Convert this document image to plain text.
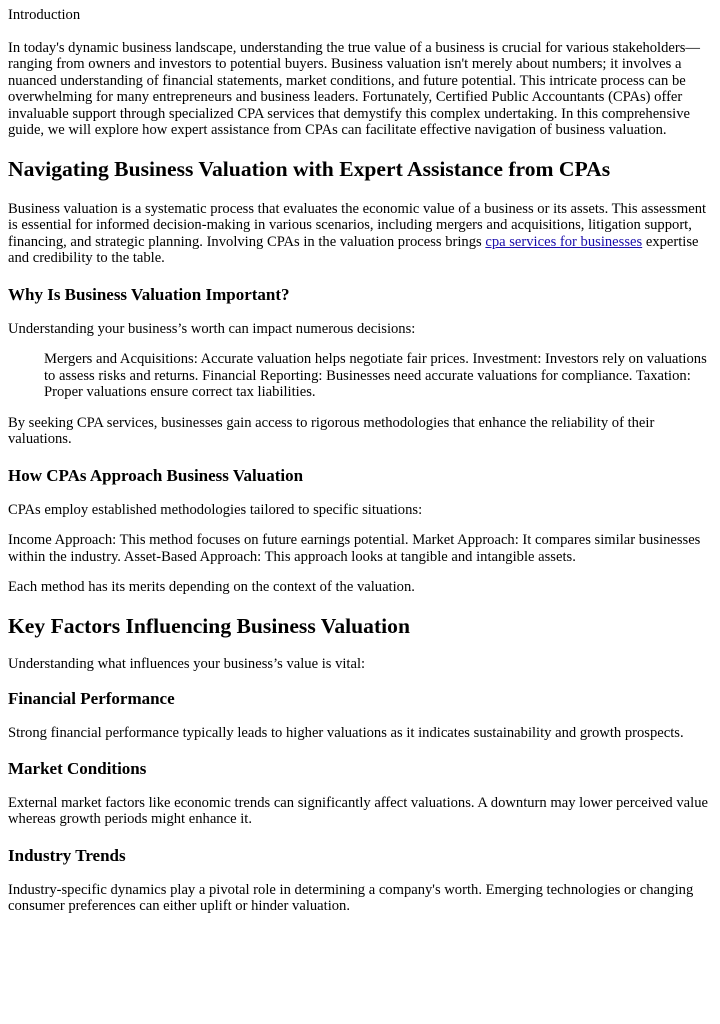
Introduction

In today's dynamic business landscape, understanding the true value of a business is crucial for various stakeholders—ranging from owners and investors to potential buyers. Business valuation isn't merely about numbers; it involves a nuanced understanding of financial statements, market conditions, and future potential. This intricate process can be overwhelming for many entrepreneurs and business leaders. Fortunately, Certified Public Accountants (CPAs) offer invaluable support through specialized CPA services that demystify this complex undertaking. In this comprehensive guide, we will explore how expert assistance from CPAs can facilitate effective navigation of business valuation.

Navigating Business Valuation with Expert Assistance from CPAs

Business valuation is a systematic process that evaluates the economic value of a business or its assets. This assessment is essential for informed decision-making in various scenarios, including mergers and acquisitions, litigation support, financing, and strategic planning. Involving CPAs in the valuation process brings cpa services for businesses expertise and credibility to the table.

Why Is Business Valuation Important?

Understanding your business’s worth can impact numerous decisions:

Mergers and Acquisitions: Accurate valuation helps negotiate fair prices. Investment: Investors rely on valuations to assess risks and returns. Financial Reporting: Businesses need accurate valuations for compliance. Taxation: Proper valuations ensure correct tax liabilities.

By seeking CPA services, businesses gain access to rigorous methodologies that enhance the reliability of their valuations.

How CPAs Approach Business Valuation

CPAs employ established methodologies tailored to specific situations:

Income Approach: This method focuses on future earnings potential. Market Approach: It compares similar businesses within the industry. Asset-Based Approach: This approach looks at tangible and intangible assets.

Each method has its merits depending on the context of the valuation.

Key Factors Influencing Business Valuation

Understanding what influences your business’s value is vital:

Financial Performance

Strong financial performance typically leads to higher valuations as it indicates sustainability and growth prospects.

Market Conditions

External market factors like economic trends can significantly affect valuations. A downturn may lower perceived value whereas growth periods might enhance it.

Industry Trends

Industry-specific dynamics play a pivotal role in determining a company's worth. Emerging technologies or changing consumer preferences can either uplift or hinder valuation.
